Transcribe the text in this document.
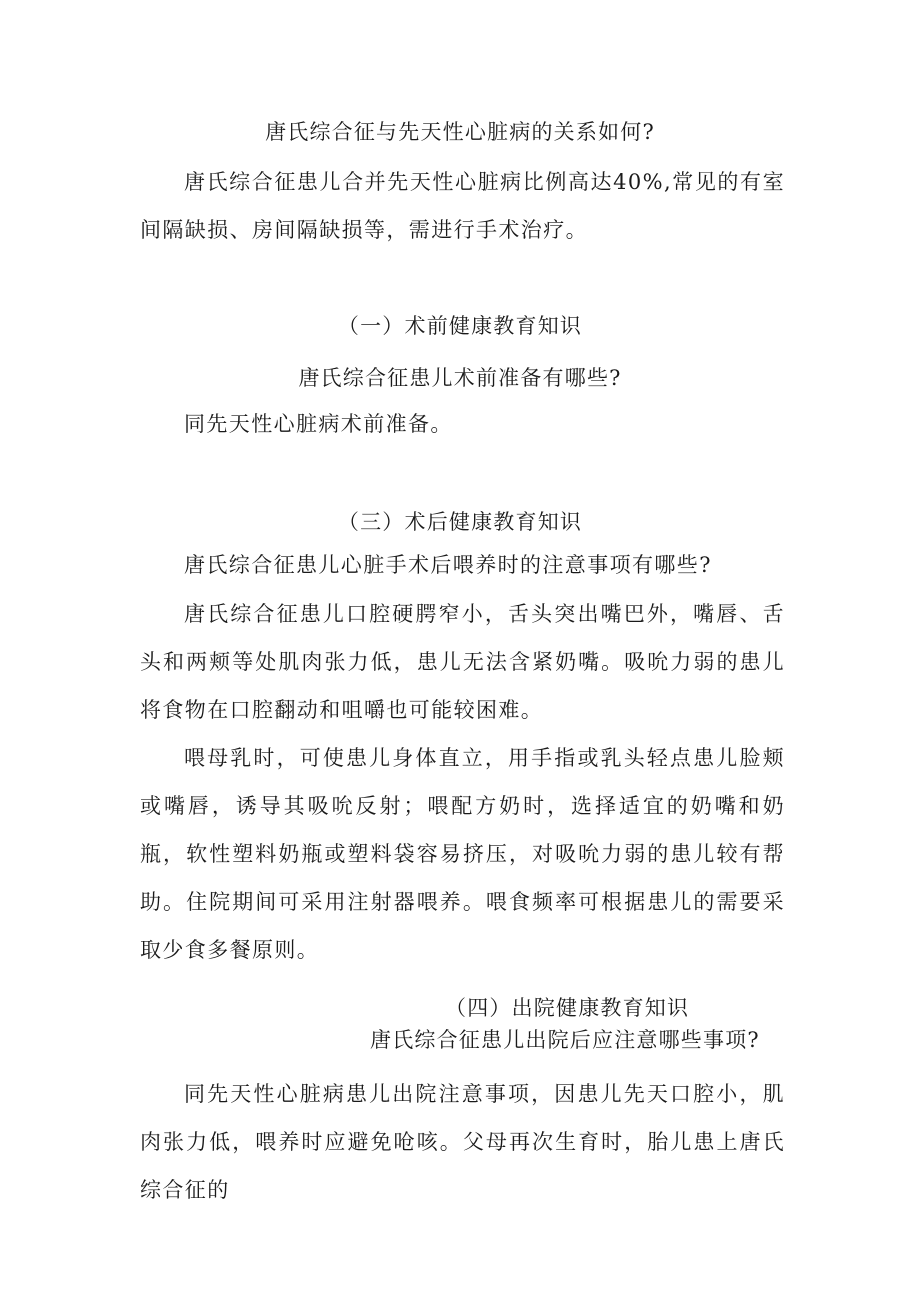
唐氏综合征与先天性心脏病的关系如何?
唐氏综合征患儿合并先天性心脏病比例高达40%,常见的有室间隔缺损、房间隔缺损等，需进行手术治疗。
（一）术前健康教育知识
唐氏综合征患儿术前准备有哪些?
同先天性心脏病术前准备。
（三）术后健康教育知识
唐氏综合征患儿心脏手术后喂养时的注意事项有哪些?
唐氏综合征患儿口腔硬腭窄小，舌头突出嘴巴外，嘴唇、舌头和两颊等处肌肉张力低，患儿无法含紧奶嘴。吸吮力弱的患儿将食物在口腔翻动和咀嚼也可能较困难。
喂母乳时，可使患儿身体直立，用手指或乳头轻点患儿脸颊或嘴唇，诱导其吸吮反射；喂配方奶时，选择适宜的奶嘴和奶瓶，软性塑料奶瓶或塑料袋容易挤压，对吸吮力弱的患儿较有帮助。住院期间可采用注射器喂养。喂食频率可根据患儿的需要采取少食多餐原则。
（四）出院健康教育知识
唐氏综合征患儿出院后应注意哪些事项?
同先天性心脏病患儿出院注意事项，因患儿先天口腔小，肌肉张力低，喂养时应避免呛咳。父母再次生育时，胎儿患上唐氏综合征的
